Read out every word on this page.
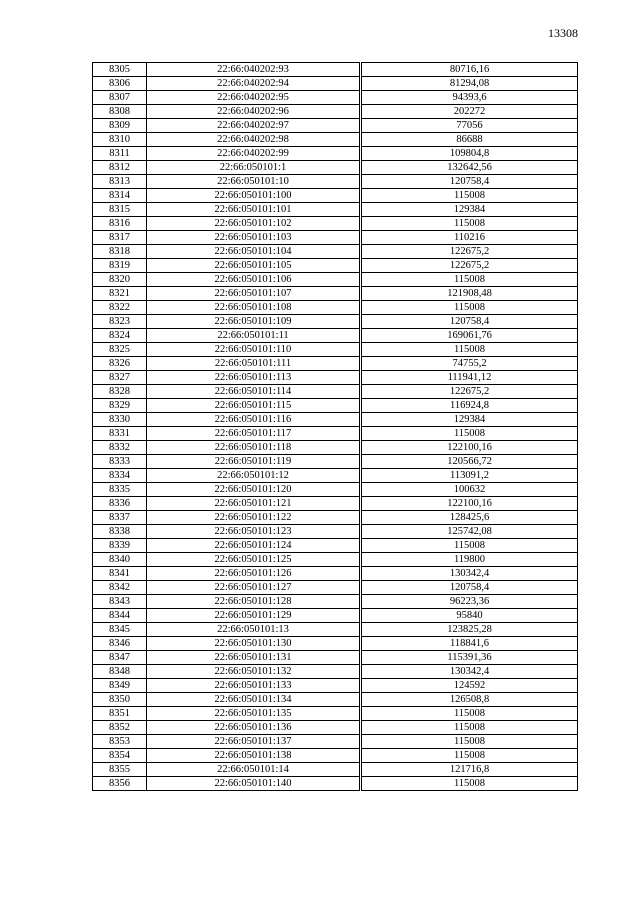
13308
8305	22:66:040202:93	80716,16
8306	22:66:040202:94	81294,08
8307	22:66:040202:95	94393,6
8308	22:66:040202:96	202272
8309	22:66:040202:97	77056
8310	22:66:040202:98	86688
8311	22:66:040202:99	109804,8
8312	22:66:050101:1	132642,56
8313	22:66:050101:10	120758,4
8314	22:66:050101:100	115008
8315	22:66:050101:101	129384
8316	22:66:050101:102	115008
8317	22:66:050101:103	110216
8318	22:66:050101:104	122675,2
8319	22:66:050101:105	122675,2
8320	22:66:050101:106	115008
8321	22:66:050101:107	121908,48
8322	22:66:050101:108	115008
8323	22:66:050101:109	120758,4
8324	22:66:050101:11	169061,76
8325	22:66:050101:110	115008
8326	22:66:050101:111	74755,2
8327	22:66:050101:113	111941,12
8328	22:66:050101:114	122675,2
8329	22:66:050101:115	116924,8
8330	22:66:050101:116	129384
8331	22:66:050101:117	115008
8332	22:66:050101:118	122100,16
8333	22:66:050101:119	120566,72
8334	22:66:050101:12	113091,2
8335	22:66:050101:120	100632
8336	22:66:050101:121	122100,16
8337	22:66:050101:122	128425,6
8338	22:66:050101:123	125742,08
8339	22:66:050101:124	115008
8340	22:66:050101:125	119800
8341	22:66:050101:126	130342,4
8342	22:66:050101:127	120758,4
8343	22:66:050101:128	96223,36
8344	22:66:050101:129	95840
8345	22:66:050101:13	123825,28
8346	22:66:050101:130	118841,6
8347	22:66:050101:131	115391,36
8348	22:66:050101:132	130342,4
8349	22:66:050101:133	124592
8350	22:66:050101:134	126508,8
8351	22:66:050101:135	115008
8352	22:66:050101:136	115008
8353	22:66:050101:137	115008
8354	22:66:050101:138	115008
8355	22:66:050101:14	121716,8
8356	22:66:050101:140	115008
